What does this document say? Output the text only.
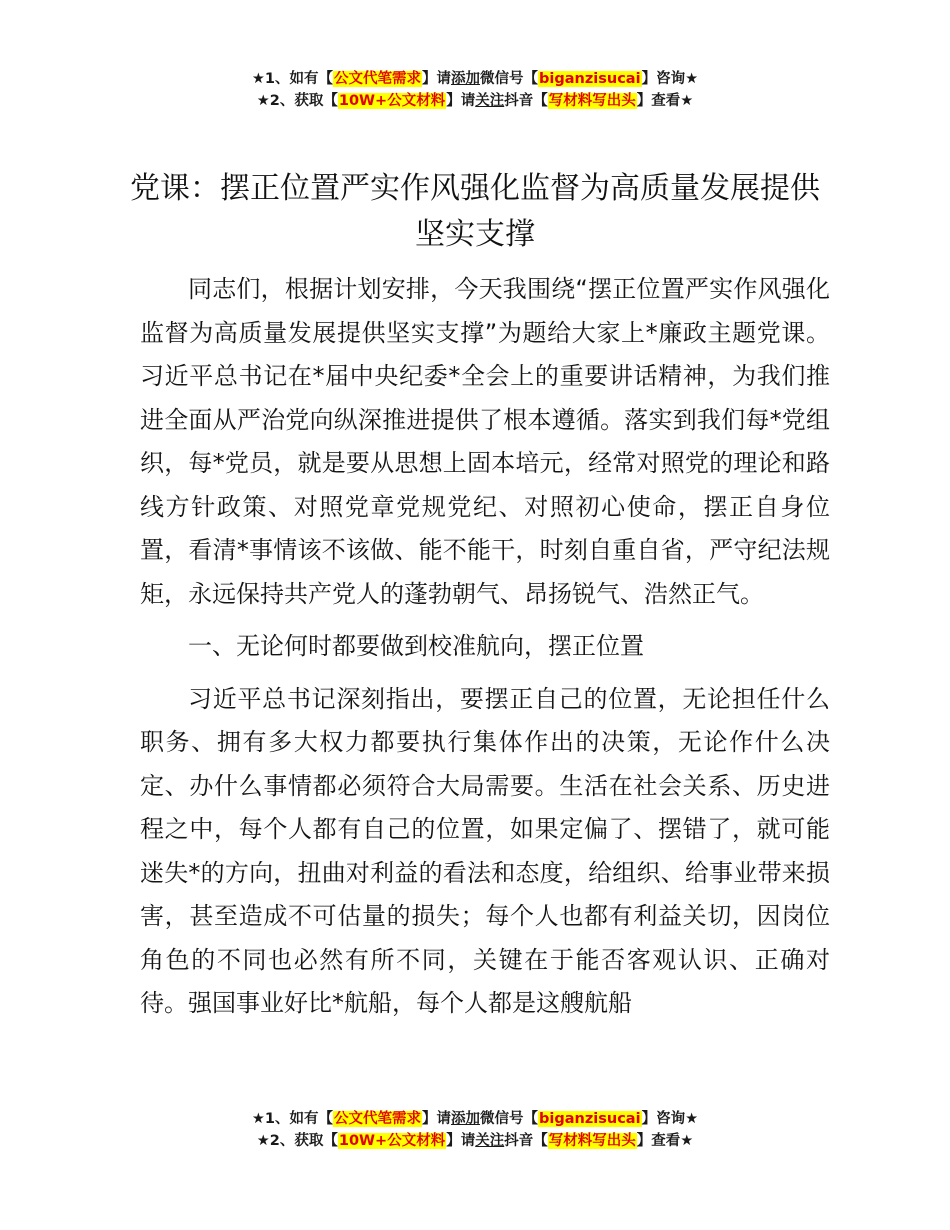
★1、如有【公文代笔需求】请添加微信号【biganzisucai】咨询★
★2、获取【10W+公文材料】请关注抖音【写材料写出头】查看★
党课：摆正位置严实作风强化监督为高质量发展提供坚实支撑

同志们，根据计划安排，今天我围绕“摆正位置严实作风强化监督为高质量发展提供坚实支撑”为题给大家上*廉政主题党课。习近平总书记在*届中央纪委*全会上的重要讲话精神，为我们推进全面从严治党向纵深推进提供了根本遵循。落实到我们每*党组织，每*党员，就是要从思想上固本培元，经常对照党的理论和路线方针政策、对照党章党规党纪、对照初心使命，摆正自身位置，看清*事情该不该做、能不能干，时刻自重自省，严守纪法规矩，永远保持共产党人的蓬勃朝气、昂扬锐气、浩然正气。

一、无论何时都要做到校准航向，摆正位置

习近平总书记深刻指出，要摆正自己的位置，无论担任什么职务、拥有多大权力都要执行集体作出的决策，无论作什么决定、办什么事情都必须符合大局需要。生活在社会关系、历史进程之中，每个人都有自己的位置，如果定偏了、摆错了，就可能迷失*的方向，扭曲对利益的看法和态度，给组织、给事业带来损害，甚至造成不可估量的损失；每个人也都有利益关切，因岗位角色的不同也必然有所不同，关键在于能否客观认识、正确对待。强国事业好比*航船，每个人都是这艘航船

★1、如有【公文代笔需求】请添加微信号【biganzisucai】咨询★
★2、获取【10W+公文材料】请关注抖音【写材料写出头】查看★
